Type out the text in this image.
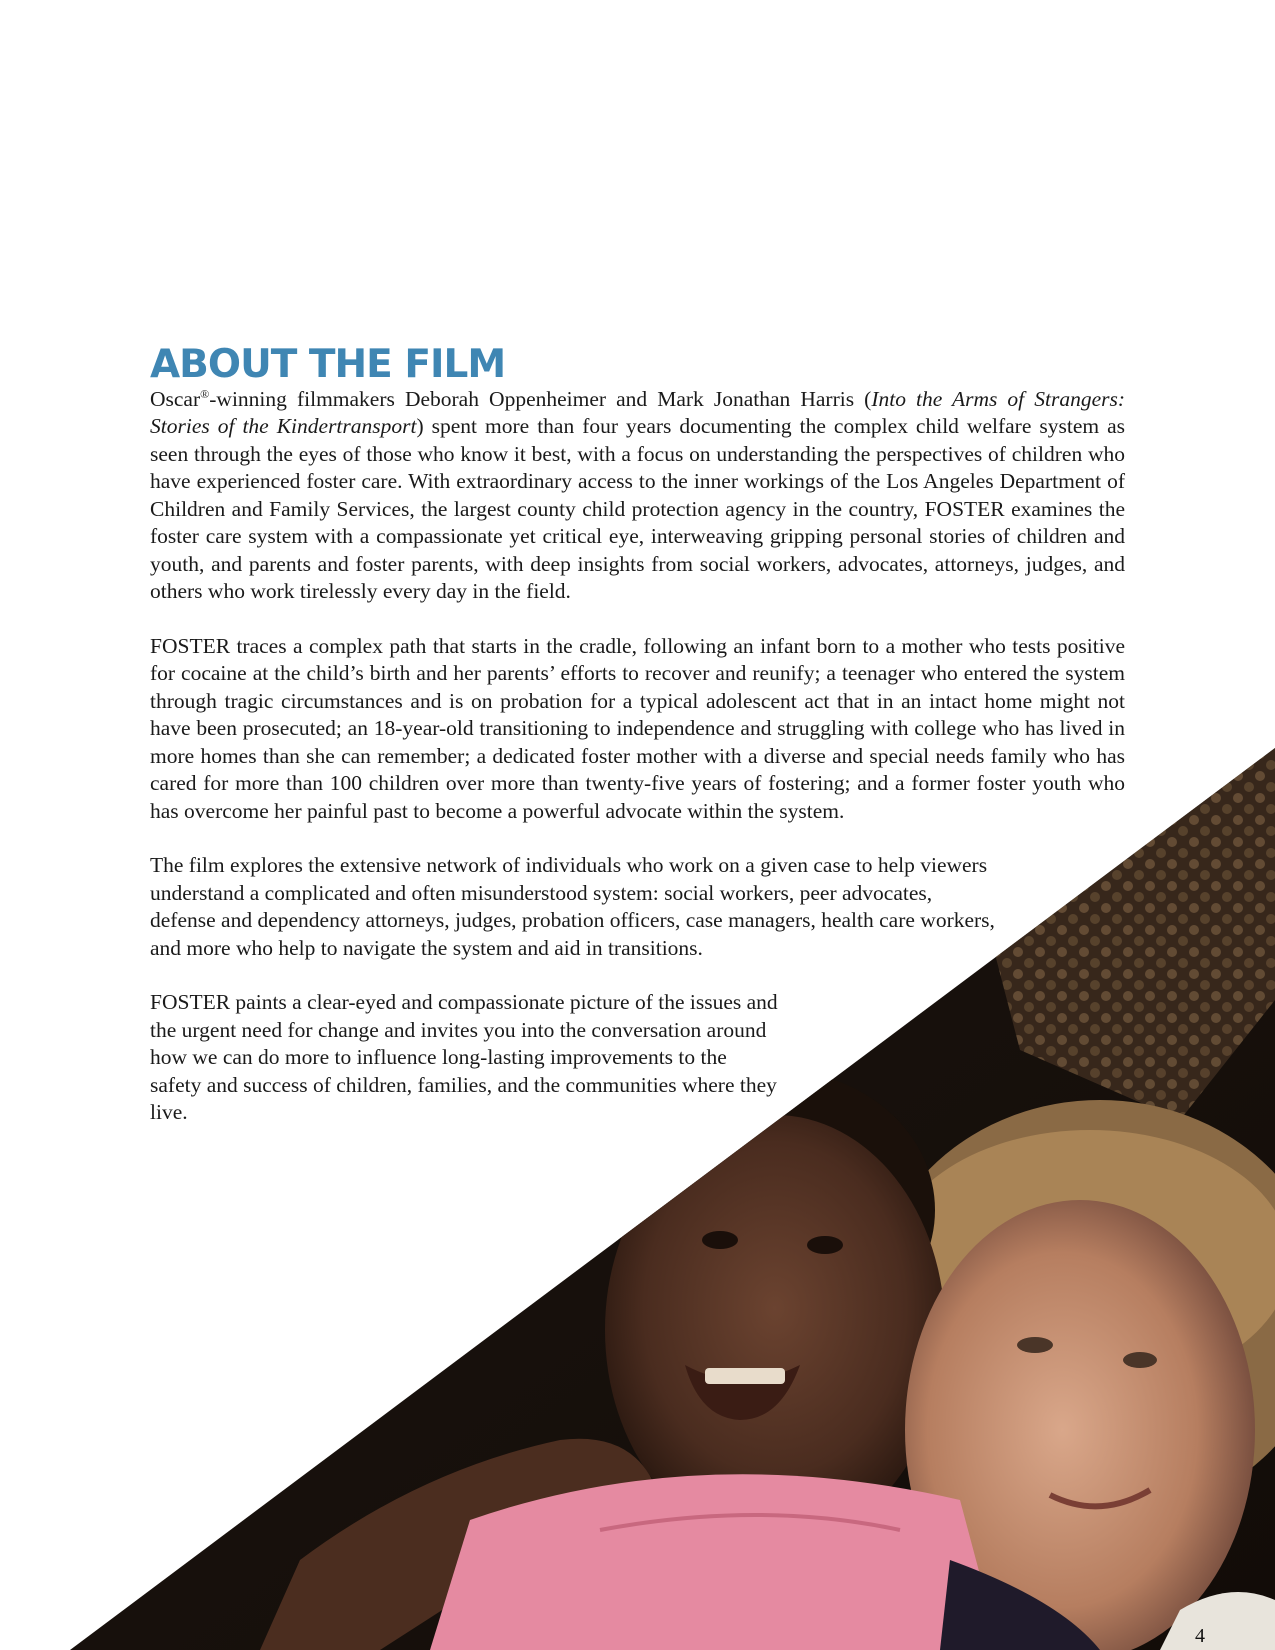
ABOUT THE FILM

Oscar®-winning filmmakers Deborah Oppenheimer and Mark Jonathan Harris (Into the Arms of Strangers: Stories of the Kindertransport) spent more than four years documenting the complex child welfare system as seen through the eyes of those who know it best, with a focus on understanding the perspectives of children who have experienced foster care. With extraordinary access to the inner workings of the Los Angeles Department of Children and Family Services, the largest county child protection agency in the country, FOSTER examines the foster care system with a compassionate yet critical eye, interweaving gripping personal stories of children and youth, and parents and foster parents, with deep insights from social workers, advocates, attorneys, judges, and others who work tirelessly every day in the field.

FOSTER traces a complex path that starts in the cradle, following an infant born to a mother who tests positive for cocaine at the child’s birth and her parents’ efforts to recover and reunify; a teenager who entered the system through tragic circumstances and is on probation for a typical adolescent act that in an intact home might not have been prosecuted; an 18-year-old transitioning to independence and struggling with college who has lived in more homes than she can remember; a dedicated foster mother with a diverse and special needs family who has cared for more than 100 children over more than twenty-five years of fostering; and a former foster youth who has overcome her painful past to become a powerful advocate within the system.

The film explores the extensive network of individuals who work on a given case to help viewers understand a complicated and often misunderstood system: social workers, peer advocates, defense and dependency attorneys, judges, probation officers, case managers, health care workers, and more who help to navigate the system and aid in transitions.

FOSTER paints a clear-eyed and compassionate picture of the issues and the urgent need for change and invites you into the conversation around how we can do more to influence long-lasting improvements to the safety and success of children, families, and the communities where they live.

4
